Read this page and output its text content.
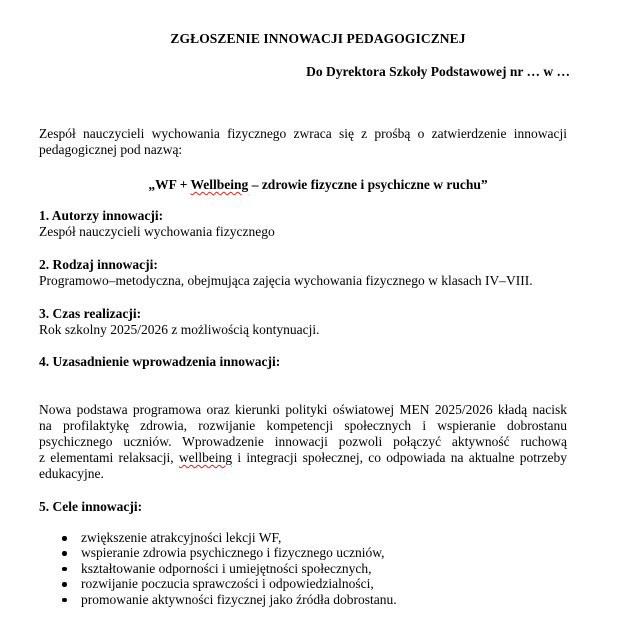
ZGŁOSZENIE INNOWACJI PEDAGOGICZNEJ
Do Dyrektora Szkoły Podstawowej nr … w …
Zespół nauczycieli wychowania fizycznego zwraca się z prośbą o zatwierdzenie innowacji
pedagogicznej pod nazwą:
„WF + Wellbeing – zdrowie fizyczne i psychiczne w ruchu”
1. Autorzy innowacji:

Zespół nauczycieli wychowania fizycznego

2. Rodzaj innowacji:

Programowo–metodyczna, obejmująca zajęcia wychowania fizycznego w klasach IV–VIII.

3. Czas realizacji:

Rok szkolny 2025/2026 z możliwością kontynuacji.

4. Uzasadnienie wprowadzenia innowacji:
Nowa podstawa programowa oraz kierunki polityki oświatowej MEN 2025/2026 kładą nacisk
na profilaktykę zdrowia, rozwijanie kompetencji społecznych i wspieranie dobrostanu
psychicznego uczniów. Wprowadzenie innowacji pozwoli połączyć aktywność ruchową
z elementami relaksacji, wellbeing i integracji społecznej, co odpowiada na aktualne potrzeby
edukacyjne.
5. Cele innowacji:
zwiększenie atrakcyjności lekcji WF,
wspieranie zdrowia psychicznego i fizycznego uczniów,
kształtowanie odporności i umiejętności społecznych,
rozwijanie poczucia sprawczości i odpowiedzialności,
promowanie aktywności fizycznej jako źródła dobrostanu.
